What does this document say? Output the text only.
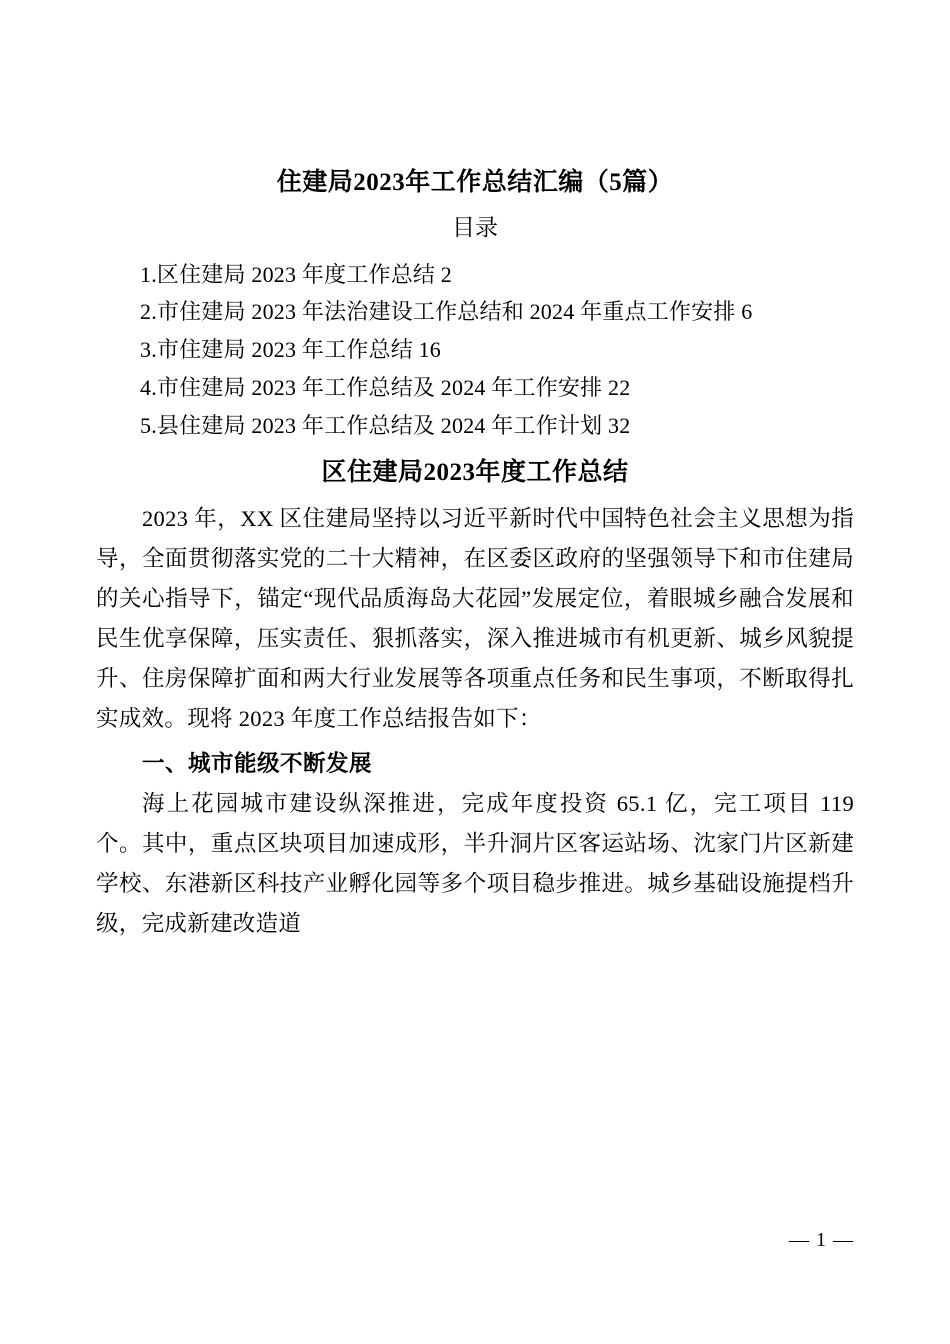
住建局2023年工作总结汇编（5篇）
目录

1.区住建局 2023 年度工作总结 2

2.市住建局 2023 年法治建设工作总结和 2024 年重点工作安排 6

3.市住建局 2023 年工作总结 16

4.市住建局 2023 年工作总结及 2024 年工作安排 22

5.县住建局 2023 年工作总结及 2024 年工作计划 32

区住建局2023年度工作总结

2023 年，XX 区住建局坚持以习近平新时代中国特色社会主义思想为指导，全面贯彻落实党的二十大精神，在区委区政府的坚强领导下和市住建局的关心指导下，锚定“现代品质海岛大花园”发展定位，着眼城乡融合发展和民生优享保障，压实责任、狠抓落实，深入推进城市有机更新、城乡风貌提升、住房保障扩面和两大行业发展等各项重点任务和民生事项，不断取得扎实成效。现将 2023 年度工作总结报告如下：

一、城市能级不断发展

海上花园城市建设纵深推进，完成年度投资 65.1 亿，完工项目 119 个。其中，重点区块项目加速成形，半升洞片区客运站场、沈家门片区新建学校、东港新区科技产业孵化园等多个项目稳步推进。城乡基础设施提档升级，完成新建改造道

— 1 —
